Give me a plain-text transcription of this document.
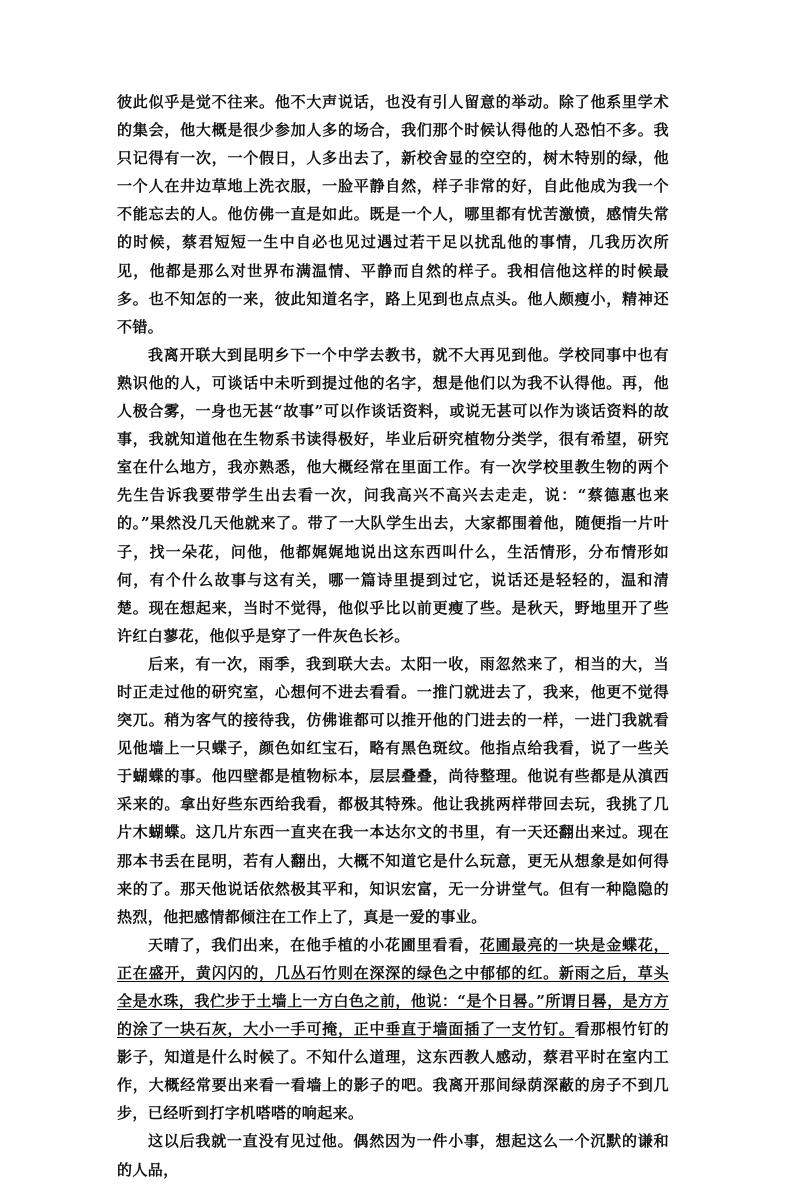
彼此似乎是觉不往来。他不大声说话，也没有引人留意的举动。除了他系里学术的集会，他大概是很少参加人多的场合，我们那个时候认得他的人恐怕不多。我只记得有一次，一个假日，人多出去了，新校舍显的空空的，树木特别的绿，他一个人在井边草地上洗衣服，一脸平静自然，样子非常的好，自此他成为我一个不能忘去的人。他仿佛一直是如此。既是一个人，哪里都有忧苦激愤，感情失常的时候，蔡君短短一生中自必也见过遇过若干足以扰乱他的事情，几我历次所见，他都是那么对世界布满温情、平静而自然的样子。我相信他这样的时候最多。也不知怎的一来，彼此知道名字，路上见到也点点头。他人颇瘦小，精神还不错。

我离开联大到昆明乡下一个中学去教书，就不大再见到他。学校同事中也有熟识他的人，可谈话中未听到提过他的名字，想是他们以为我不认得他。再，他人极合雾，一身也无甚“故事”可以作谈话资料，或说无甚可以作为谈话资料的故事，我就知道他在生物系书读得极好，毕业后研究植物分类学，很有希望，研究室在什么地方，我亦熟悉，他大概经常在里面工作。有一次学校里教生物的两个先生告诉我要带学生出去看一次，问我高兴不高兴去走走，说：“蔡德惠也来的。”果然没几天他就来了。带了一大队学生出去，大家都围着他，随便指一片叶子，找一朵花，问他，他都娓娓地说出这东西叫什么，生活情形，分布情形如何，有个什么故事与这有关，哪一篇诗里提到过它，说话还是轻轻的，温和清楚。现在想起来，当时不觉得，他似乎比以前更瘦了些。是秋天，野地里开了些许红白蓼花，他似乎是穿了一件灰色长衫。

后来，有一次，雨季，我到联大去。太阳一收，雨忽然来了，相当的大，当时正走过他的研究室，心想何不进去看看。一推门就进去了，我来，他更不觉得突兀。稍为客气的接待我，仿佛谁都可以推开他的门进去的一样，一进门我就看见他墙上一只蝶子，颜色如红宝石，略有黑色斑纹。他指点给我看，说了一些关于蝴蝶的事。他四壁都是植物标本，层层叠叠，尚待整理。他说有些都是从滇西采来的。拿出好些东西给我看，都极其特殊。他让我挑两样带回去玩，我挑了几片木蝴蝶。这几片东西一直夹在我一本达尔文的书里，有一天还翻出来过。现在那本书丢在昆明，若有人翻出，大概不知道它是什么玩意，更无从想象是如何得来的了。那天他说话依然极其平和，知识宏富，无一分讲堂气。但有一种隐隐的热烈，他把感情都倾注在工作上了，真是一爱的事业。

天晴了，我们出来，在他手植的小花圃里看看，花圃最亮的一块是金蝶花，正在盛开，黄闪闪的，几丛石竹则在深深的绿色之中郁郁的红。新雨之后，草头全是水珠，我伫步于土墙上一方白色之前，他说：“是个日晷。”所谓日晷，是方方的涂了一块石灰，大小一手可掩，正中垂直于墙面插了一支竹钉。看那根竹钉的影子，知道是什么时候了。不知什么道理，这东西教人感动，蔡君平时在室内工作，大概经常要出来看一看墙上的影子的吧。我离开那间绿荫深蔽的房子不到几步，已经听到打字机嗒嗒的响起来。

这以后我就一直没有见过他。偶然因为一件小事，想起这么一个沉默的谦和的人品，
